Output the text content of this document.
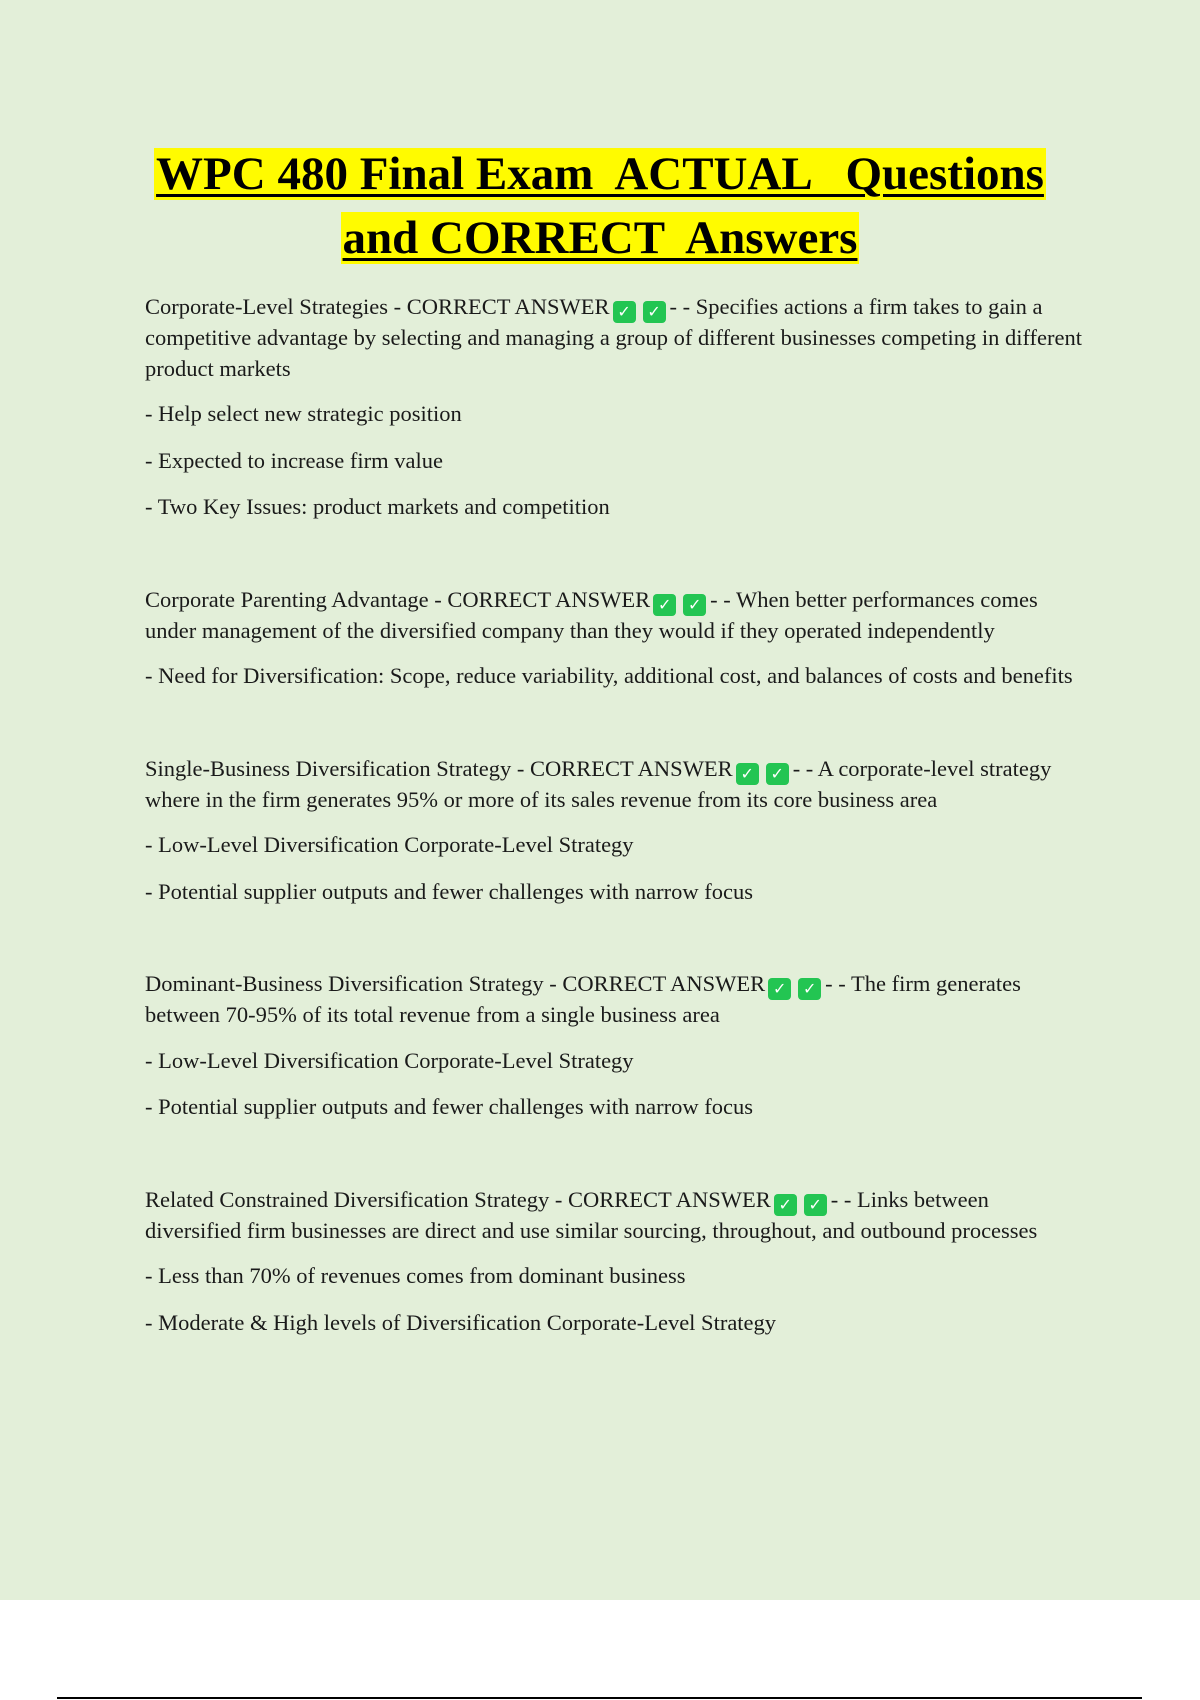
WPC 480 Final Exam  ACTUAL   Questions
and CORRECT  Answers

Corporate-Level Strategies - CORRECT ANSWER ✓ ✓ - - Specifies actions a firm takes to gain a competitive advantage by selecting and managing a group of different businesses competing in different product markets

- Help select new strategic position

- Expected to increase firm value

- Two Key Issues: product markets and competition

Corporate Parenting Advantage - CORRECT ANSWER ✓ ✓ - - When better performances comes under management of the diversified company than they would if they operated independently

- Need for Diversification: Scope, reduce variability, additional cost, and balances of costs and benefits

Single-Business Diversification Strategy - CORRECT ANSWER ✓ ✓ - - A corporate-level strategy where in the firm generates 95% or more of its sales revenue from its core business area

- Low-Level Diversification Corporate-Level Strategy

- Potential supplier outputs and fewer challenges with narrow focus

Dominant-Business Diversification Strategy - CORRECT ANSWER ✓ ✓ - - The firm generates between 70-95% of its total revenue from a single business area

- Low-Level Diversification Corporate-Level Strategy

- Potential supplier outputs and fewer challenges with narrow focus

Related Constrained Diversification Strategy - CORRECT ANSWER ✓ ✓ - - Links between diversified firm businesses are direct and use similar sourcing, throughout, and outbound processes

- Less than 70% of revenues comes from dominant business

- Moderate & High levels of Diversification Corporate-Level Strategy
